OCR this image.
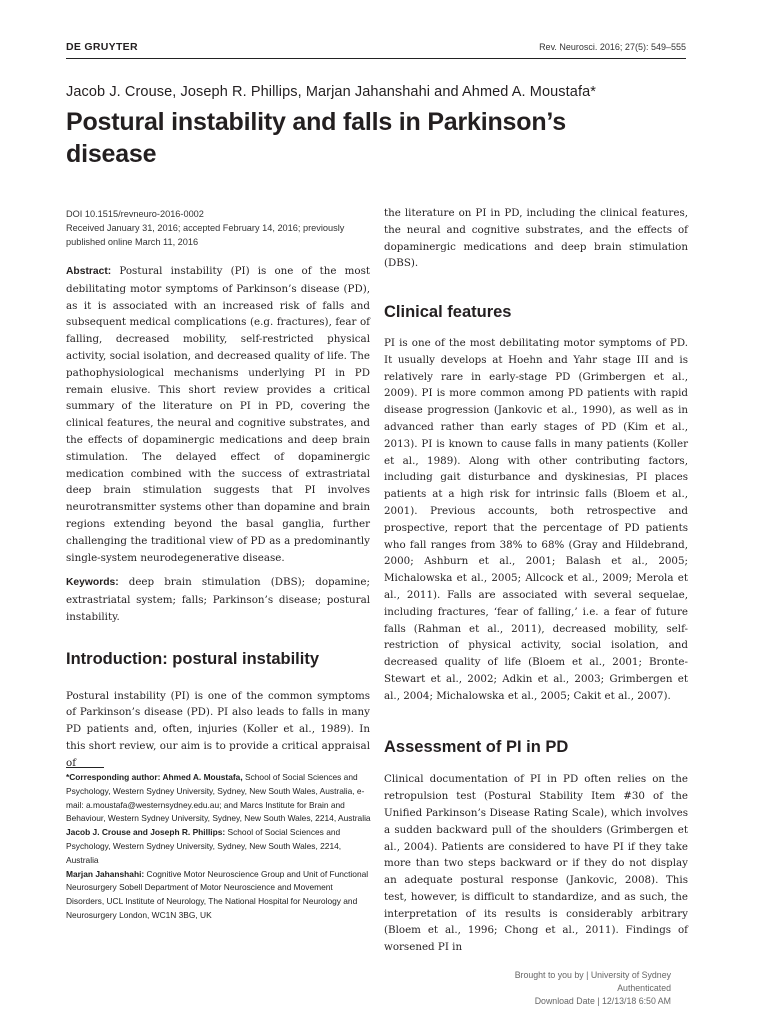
DE GRUYTER	Rev. Neurosci. 2016; 27(5): 549–555
Jacob J. Crouse, Joseph R. Phillips, Marjan Jahanshahi and Ahmed A. Moustafa*
Postural instability and falls in Parkinson’s disease
DOI 10.1515/revneuro-2016-0002
Received January 31, 2016; accepted February 14, 2016; previously published online March 11, 2016

Abstract: Postural instability (PI) is one of the most debilitating motor symptoms of Parkinson’s disease (PD), as it is associated with an increased risk of falls and subsequent medical complications (e.g. fractures), fear of falling, decreased mobility, self-restricted physical activity, social isolation, and decreased quality of life. The pathophysiological mechanisms underlying PI in PD remain elusive. This short review provides a critical summary of the literature on PI in PD, covering the clinical features, the neural and cognitive substrates, and the effects of dopaminergic medications and deep brain stimulation. The delayed effect of dopaminergic medication combined with the success of extrastriatal deep brain stimulation suggests that PI involves neurotransmitter systems other than dopamine and brain regions extending beyond the basal ganglia, further challenging the traditional view of PD as a predominantly single-system neurodegenerative disease.

Keywords: deep brain stimulation (DBS); dopamine; extrastriatal system; falls; Parkinson’s disease; postural instability.

Introduction: postural instability

Postural instability (PI) is one of the common symptoms of Parkinson’s disease (PD). PI also leads to falls in many PD patients and, often, injuries (Koller et al., 1989). In this short review, our aim is to provide a critical appraisal of

*Corresponding author: Ahmed A. Moustafa, School of Social Sciences and Psychology, Western Sydney University, Sydney, New South Wales, Australia, e-mail: a.moustafa@westernsydney.edu.au; and Marcs Institute for Brain and Behaviour, Western Sydney University, Sydney, New South Wales, 2214, Australia
Jacob J. Crouse and Joseph R. Phillips: School of Social Sciences and Psychology, Western Sydney University, Sydney, New South Wales, 2214, Australia
Marjan Jahanshahi: Cognitive Motor Neuroscience Group and Unit of Functional Neurosurgery Sobell Department of Motor Neuroscience and Movement Disorders, UCL Institute of Neurology, The National Hospital for Neurology and Neurosurgery London, WC1N 3BG, UK

the literature on PI in PD, including the clinical features, the neural and cognitive substrates, and the effects of dopaminergic medications and deep brain stimulation (DBS).

Clinical features

PI is one of the most debilitating motor symptoms of PD. It usually develops at Hoehn and Yahr stage III and is relatively rare in early-stage PD (Grimbergen et al., 2009). PI is more common among PD patients with rapid disease progression (Jankovic et al., 1990), as well as in advanced rather than early stages of PD (Kim et al., 2013). PI is known to cause falls in many patients (Koller et al., 1989). Along with other contributing factors, including gait disturbance and dyskinesias, PI places patients at a high risk for intrinsic falls (Bloem et al., 2001). Previous accounts, both retrospective and prospective, report that the percentage of PD patients who fall ranges from 38% to 68% (Gray and Hildebrand, 2000; Ashburn et al., 2001; Balash et al., 2005; Michalowska et al., 2005; Allcock et al., 2009; Merola et al., 2011). Falls are associated with several sequelae, including fractures, ‘fear of falling,’ i.e. a fear of future falls (Rahman et al., 2011), decreased mobility, self-restriction of physical activity, social isolation, and decreased quality of life (Bloem et al., 2001; Bronte-Stewart et al., 2002; Adkin et al., 2003; Grimbergen et al., 2004; Michalowska et al., 2005; Cakit et al., 2007).

Assessment of PI in PD

Clinical documentation of PI in PD often relies on the retropulsion test (Postural Stability Item #30 of the Unified Parkinson’s Disease Rating Scale), which involves a sudden backward pull of the shoulders (Grimbergen et al., 2004). Patients are considered to have PI if they take more than two steps backward or if they do not display an adequate postural response (Jankovic, 2008). This test, however, is difficult to standardize, and as such, the interpretation of its results is considerably arbitrary (Bloem et al., 1996; Chong et al., 2011). Findings of worsened PI in

Brought to you by | University of Sydney
Authenticated
Download Date | 12/13/18 6:50 AM
